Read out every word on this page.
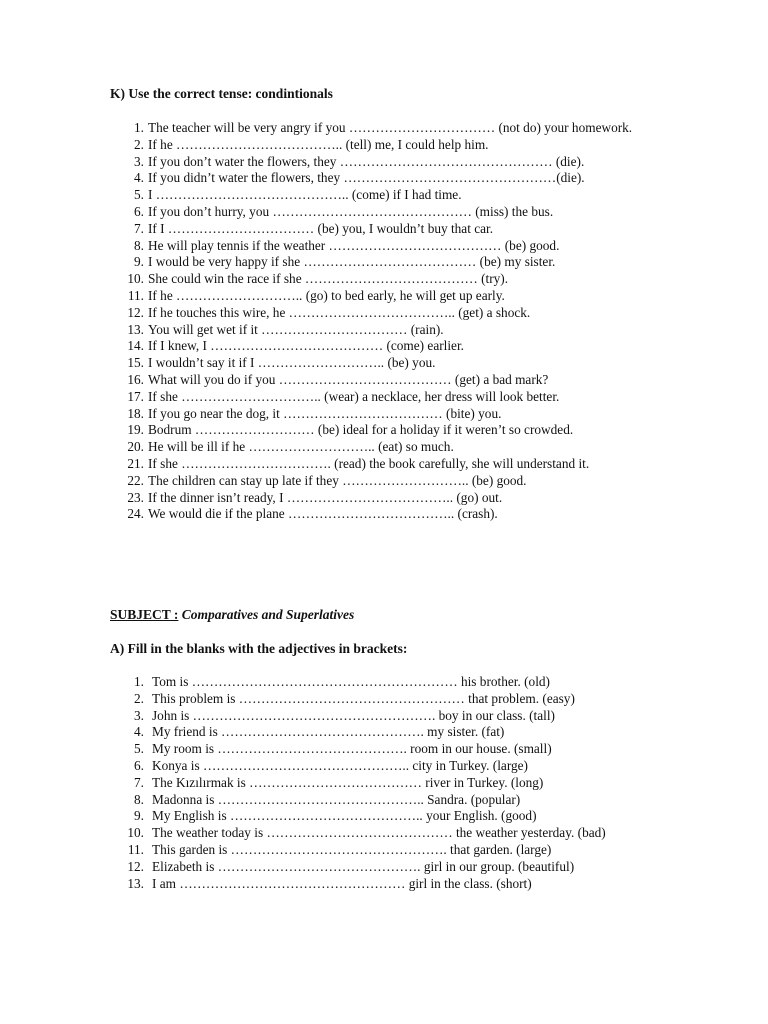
K) Use the correct tense: condintionals
1. The teacher will be very angry if you …………………………… (not do) your homework.
2. If he ……………………………….. (tell) me, I could help him.
3. If you don’t water the flowers, they ………………………………………… (die).
4. If you didn’t water the flowers, they …………………………………………(die).
5. I …………………………………….. (come) if I had time.
6. If you don’t hurry, you ……………………………………… (miss) the bus.
7. If I …………………………… (be) you, I wouldn’t buy that car.
8. He will play tennis if the weather ………………………………… (be) good.
9. I would be very happy if she ………………………………… (be) my sister.
10. She could win the race if she ………………………………… (try).
11. If he ……………………….. (go) to bed early, he will get up early.
12. If he touches this wire, he ……………………………….. (get) a shock.
13. You will get wet if it …………………………… (rain).
14. If I knew, I ………………………………… (come) earlier.
15. I wouldn’t say it if I ……………………….. (be) you.
16. What will you do if you ………………………………… (get) a bad mark?
17. If she ………………………….. (wear) a necklace, her dress will look better.
18. If you go near the dog, it ……………………………… (bite) you.
19. Bodrum ……………………… (be) ideal for a holiday if it weren’t so crowded.
20. He will be ill if he ……………………….. (eat) so much.
21. If she ……………………………. (read) the book carefully, she will understand it.
22. The children can stay up late if they ……………………….. (be) good.
23. If the dinner isn’t ready, I ……………………………….. (go) out.
24. We would die if the plane ……………………………….. (crash).
SUBJECT : Comparatives and Superlatives
A) Fill in the blanks with the adjectives in brackets:
1. Tom is …………………………………………………… his brother. (old)
2. This problem is …………………………………………… that problem. (easy)
3. John is ………………………………………………. boy in our class. (tall)
4. My friend is ………………………………………. my sister. (fat)
5. My room is ……………………………………. room in our house. (small)
6. Konya is ……………………………………….. city in Turkey. (large)
7. The Kızılırmak is ………………………………… river in Turkey. (long)
8. Madonna is ……………………………………….. Sandra. (popular)
9. My English is …………………………………….. your English. (good)
10. The weather today is …………………………………… the weather yesterday. (bad)
11. This garden is …………………………………………. that garden. (large)
12. Elizabeth is ………………………………………. girl in our group. (beautiful)
13. I am …………………………………………… girl in the class. (short)
